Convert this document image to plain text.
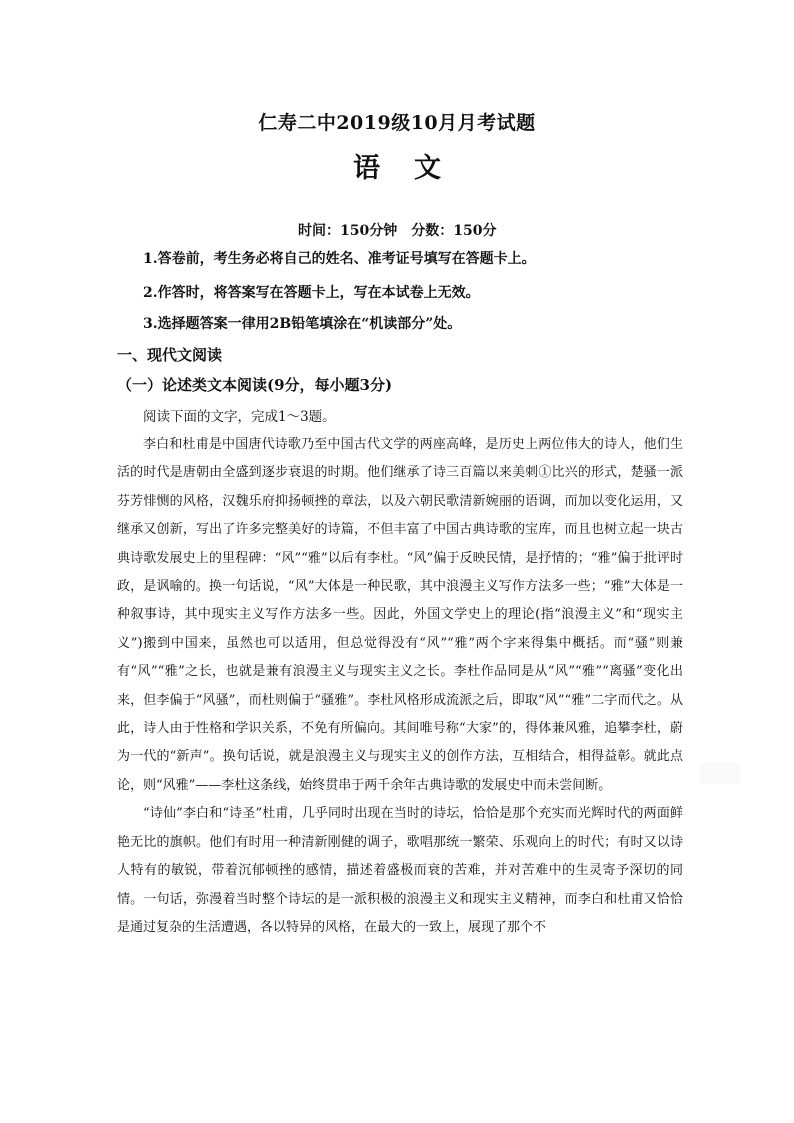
仁寿二中2019级10月月考试题
语 文
时间：150分钟 分数：150分
1.答卷前，考生务必将自己的姓名、准考证号填写在答题卡上。
2.作答时，将答案写在答题卡上，写在本试卷上无效。
3.选择题答案一律用2B铅笔填涂在“机读部分”处。
一、现代文阅读
（一）论述类文本阅读(9分，每小题3分)
阅读下面的文字，完成1～3题。

李白和杜甫是中国唐代诗歌乃至中国古代文学的两座高峰，是历史上两位伟大的诗人，他们生活的时代是唐朝由全盛到逐步衰退的时期。他们继承了诗三百篇以来美刺①比兴的形式，楚骚一派芬芳悱恻的风格，汉魏乐府抑扬顿挫的章法，以及六朝民歌清新婉丽的语调，而加以变化运用，又继承又创新，写出了许多完整美好的诗篇，不但丰富了中国古典诗歌的宝库，而且也树立起一块古典诗歌发展史上的里程碑：“风”“雅”以后有李杜。“风”偏于反映民情，是抒情的；“雅”偏于批评时政，是讽喻的。换一句话说，“风”大体是一种民歌，其中浪漫主义写作方法多一些；“雅”大体是一种叙事诗，其中现实主义写作方法多一些。因此，外国文学史上的理论(指“浪漫主义”和“现实主义”)搬到中国来，虽然也可以适用，但总觉得没有“风”“雅”两个字来得集中概括。而“骚”则兼有“风”“雅”之长，也就是兼有浪漫主义与现实主义之长。李杜作品同是从“风”“雅”“离骚”变化出来，但李偏于“风骚”，而杜则偏于“骚雅”。李杜风格形成流派之后，即取“风”“雅”二字而代之。从此，诗人由于性格和学识关系，不免有所偏向。其间唯号称“大家”的，得体兼风雅，追攀李杜，蔚为一代的“新声”。换句话说，就是浪漫主义与现实主义的创作方法，互相结合，相得益彰。就此点论，则“风雅”——李杜这条线，始终贯串于两千余年古典诗歌的发展史中而未尝间断。

“诗仙”李白和“诗圣”杜甫，几乎同时出现在当时的诗坛，恰恰是那个充实而光辉时代的两面鲜艳无比的旗帜。他们有时用一种清新刚健的调子，歌唱那统一繁荣、乐观向上的时代；有时又以诗人特有的敏锐，带着沉郁顿挫的感情，描述着盛极而衰的苦难，并对苦难中的生灵寄予深切的同情。一句话，弥漫着当时整个诗坛的是一派积极的浪漫主义和现实主义精神，而李白和杜甫又恰恰是通过复杂的生活遭遇，各以特异的风格，在最大的一致上，展现了那个不
